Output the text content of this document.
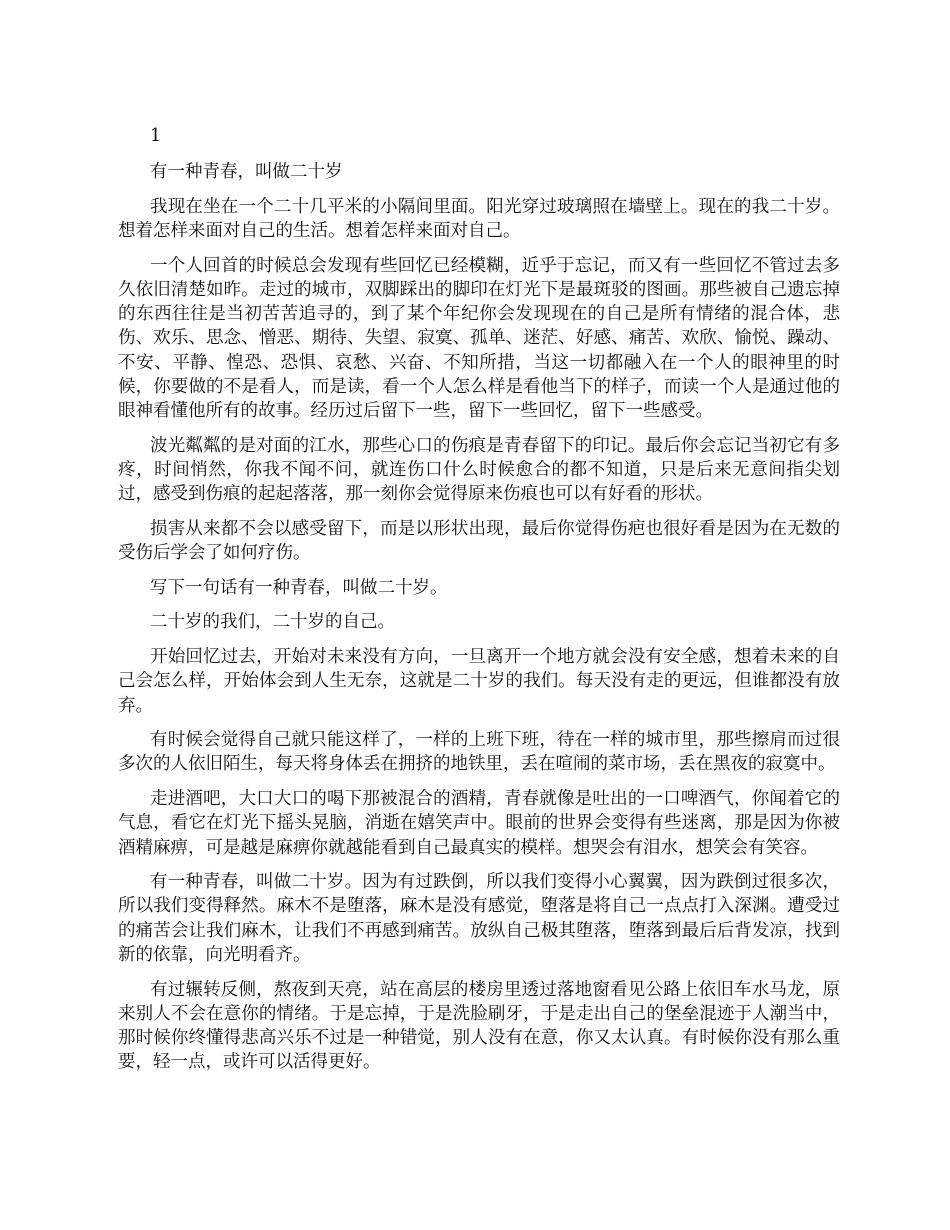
1

有一种青春，叫做二十岁

我现在坐在一个二十几平米的小隔间里面。阳光穿过玻璃照在墙壁上。现在的我二十岁。想着怎样来面对自己的生活。想着怎样来面对自己。

一个人回首的时候总会发现有些回忆已经模糊，近乎于忘记，而又有一些回忆不管过去多久依旧清楚如昨。走过的城市，双脚踩出的脚印在灯光下是最斑驳的图画。那些被自己遗忘掉的东西往往是当初苦苦追寻的，到了某个年纪你会发现现在的自己是所有情绪的混合体，悲伤、欢乐、思念、憎恶、期待、失望、寂寞、孤单、迷茫、好感、痛苦、欢欣、愉悦、躁动、不安、平静、惶恐、恐惧、哀愁、兴奋、不知所措，当这一切都融入在一个人的眼神里的时候，你要做的不是看人，而是读，看一个人怎么样是看他当下的样子，而读一个人是通过他的眼神看懂他所有的故事。经历过后留下一些，留下一些回忆，留下一些感受。

波光粼粼的是对面的江水，那些心口的伤痕是青春留下的印记。最后你会忘记当初它有多疼，时间悄然，你我不闻不问，就连伤口什么时候愈合的都不知道，只是后来无意间指尖划过，感受到伤痕的起起落落，那一刻你会觉得原来伤痕也可以有好看的形状。

损害从来都不会以感受留下，而是以形状出现，最后你觉得伤疤也很好看是因为在无数的受伤后学会了如何疗伤。

写下一句话有一种青春，叫做二十岁。

二十岁的我们，二十岁的自己。

开始回忆过去，开始对未来没有方向，一旦离开一个地方就会没有安全感，想着未来的自己会怎么样，开始体会到人生无奈，这就是二十岁的我们。每天没有走的更远，但谁都没有放弃。

有时候会觉得自己就只能这样了，一样的上班下班，待在一样的城市里，那些擦肩而过很多次的人依旧陌生，每天将身体丢在拥挤的地铁里，丢在喧闹的菜市场，丢在黑夜的寂寞中。

走进酒吧，大口大口的喝下那被混合的酒精，青春就像是吐出的一口啤酒气，你闻着它的气息，看它在灯光下摇头晃脑，消逝在嬉笑声中。眼前的世界会变得有些迷离，那是因为你被酒精麻痹，可是越是麻痹你就越能看到自己最真实的模样。想哭会有泪水，想笑会有笑容。

有一种青春，叫做二十岁。因为有过跌倒，所以我们变得小心翼翼，因为跌倒过很多次，所以我们变得释然。麻木不是堕落，麻木是没有感觉，堕落是将自己一点点打入深渊。遭受过的痛苦会让我们麻木，让我们不再感到痛苦。放纵自己极其堕落，堕落到最后后背发凉，找到新的依靠，向光明看齐。

有过辗转反侧，熬夜到天亮，站在高层的楼房里透过落地窗看见公路上依旧车水马龙，原来别人不会在意你的情绪。于是忘掉，于是洗脸刷牙，于是走出自己的堡垒混迹于人潮当中，那时候你终懂得悲高兴乐不过是一种错觉，别人没有在意，你又太认真。有时候你没有那么重要，轻一点，或许可以活得更好。
